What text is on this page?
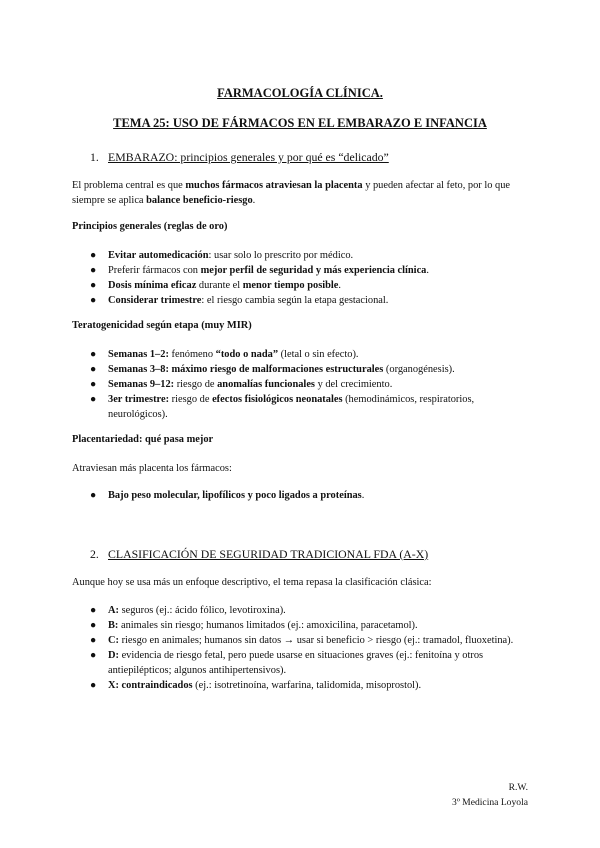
FARMACOLOGÍA CLÍNICA.
TEMA 25: USO DE FÁRMACOS EN EL EMBARAZO E INFANCIA
1. EMBARAZO: principios generales y por qué es “delicado”
El problema central es que muchos fármacos atraviesan la placenta y pueden afectar al feto, por lo que siempre se aplica balance beneficio-riesgo.
Principios generales (reglas de oro)
● Evitar automedicación: usar solo lo prescrito por médico.
● Preferir fármacos con mejor perfil de seguridad y más experiencia clínica.
● Dosis mínima eficaz durante el menor tiempo posible.
● Considerar trimestre: el riesgo cambia según la etapa gestacional.
Teratogenicidad según etapa (muy MIR)
● Semanas 1–2: fenómeno “todo o nada” (letal o sin efecto).
● Semanas 3–8: máximo riesgo de malformaciones estructurales (organogénesis).
● Semanas 9–12: riesgo de anomalías funcionales y del crecimiento.
● 3er trimestre: riesgo de efectos fisiológicos neonatales (hemodinámicos, respiratorios, neurológicos).
Placentariedad: qué pasa mejor
Atraviesan más placenta los fármacos:
● Bajo peso molecular, lipofílicos y poco ligados a proteínas.
2. CLASIFICACIÓN DE SEGURIDAD TRADICIONAL FDA (A-X)
Aunque hoy se usa más un enfoque descriptivo, el tema repasa la clasificación clásica:
● A: seguros (ej.: ácido fólico, levotiroxina).
● B: animales sin riesgo; humanos limitados (ej.: amoxicilina, paracetamol).
● C: riesgo en animales; humanos sin datos → usar si beneficio > riesgo (ej.: tramadol, fluoxetina).
● D: evidencia de riesgo fetal, pero puede usarse en situaciones graves (ej.: fenitoína y otros antiepilépticos; algunos antihipertensivos).
● X: contraindicados (ej.: isotretinoína, warfarina, talidomida, misoprostol).
R.W.
3º Medicina Loyola
